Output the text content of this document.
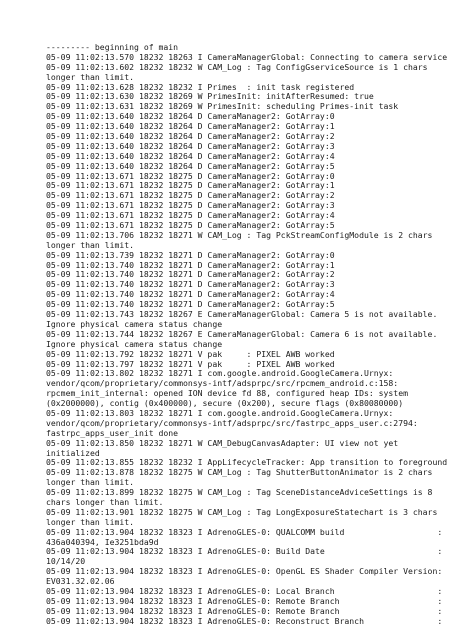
--------- beginning of main
05-09 11:02:13.570 18232 18263 I CameraManagerGlobal: Connecting to camera service
05-09 11:02:13.602 18232 18232 W CAM_Log : Tag ConfigGserviceSource is 1 chars
longer than limit.
05-09 11:02:13.628 18232 18232 I Primes  : init task registered
05-09 11:02:13.630 18232 18269 W PrimesInit: initAfterResumed: true
05-09 11:02:13.631 18232 18269 W PrimesInit: scheduling Primes-init task
05-09 11:02:13.640 18232 18264 D CameraManager2: GotArray:0
05-09 11:02:13.640 18232 18264 D CameraManager2: GotArray:1
05-09 11:02:13.640 18232 18264 D CameraManager2: GotArray:2
05-09 11:02:13.640 18232 18264 D CameraManager2: GotArray:3
05-09 11:02:13.640 18232 18264 D CameraManager2: GotArray:4
05-09 11:02:13.640 18232 18264 D CameraManager2: GotArray:5
05-09 11:02:13.671 18232 18275 D CameraManager2: GotArray:0
05-09 11:02:13.671 18232 18275 D CameraManager2: GotArray:1
05-09 11:02:13.671 18232 18275 D CameraManager2: GotArray:2
05-09 11:02:13.671 18232 18275 D CameraManager2: GotArray:3
05-09 11:02:13.671 18232 18275 D CameraManager2: GotArray:4
05-09 11:02:13.671 18232 18275 D CameraManager2: GotArray:5
05-09 11:02:13.706 18232 18271 W CAM_Log : Tag PckStreamConfigModule is 2 chars
longer than limit.
05-09 11:02:13.739 18232 18271 D CameraManager2: GotArray:0
05-09 11:02:13.740 18232 18271 D CameraManager2: GotArray:1
05-09 11:02:13.740 18232 18271 D CameraManager2: GotArray:2
05-09 11:02:13.740 18232 18271 D CameraManager2: GotArray:3
05-09 11:02:13.740 18232 18271 D CameraManager2: GotArray:4
05-09 11:02:13.740 18232 18271 D CameraManager2: GotArray:5
05-09 11:02:13.743 18232 18267 E CameraManagerGlobal: Camera 5 is not available.
Ignore physical camera status change
05-09 11:02:13.744 18232 18267 E CameraManagerGlobal: Camera 6 is not available.
Ignore physical camera status change
05-09 11:02:13.792 18232 18271 V pak     : PIXEL AWB worked
05-09 11:02:13.797 18232 18271 V pak     : PIXEL AWB worked
05-09 11:02:13.802 18232 18271 I com.google.android.GoogleCamera.Urnyx:
vendor/qcom/proprietary/commonsys-intf/adsprpc/src/rpcmem_android.c:158:
rpcmem_init_internal: opened ION device fd 88, configured heap IDs: system
(0x2000000), contig (0x400000), secure (0x200), secure flags (0x80080000)
05-09 11:02:13.803 18232 18271 I com.google.android.GoogleCamera.Urnyx:
vendor/qcom/proprietary/commonsys-intf/adsprpc/src/fastrpc_apps_user.c:2794:
fastrpc_apps_user_init done
05-09 11:02:13.850 18232 18271 W CAM_DebugCanvasAdapter: UI view not yet
initialized
05-09 11:02:13.855 18232 18232 I AppLifecycleTracker: App transition to foreground
05-09 11:02:13.878 18232 18275 W CAM_Log : Tag ShutterButtonAnimator is 2 chars
longer than limit.
05-09 11:02:13.899 18232 18275 W CAM_Log : Tag SceneDistanceAdviceSettings is 8
chars longer than limit.
05-09 11:02:13.901 18232 18275 W CAM_Log : Tag LongExposureStatechart is 3 chars
longer than limit.
05-09 11:02:13.904 18232 18323 I AdrenoGLES-0: QUALCOMM build                   :
436a040394, Ie3251bda9d
05-09 11:02:13.904 18232 18323 I AdrenoGLES-0: Build Date                       :
10/14/20
05-09 11:02:13.904 18232 18323 I AdrenoGLES-0: OpenGL ES Shader Compiler Version:
EV031.32.02.06
05-09 11:02:13.904 18232 18323 I AdrenoGLES-0: Local Branch                     :
05-09 11:02:13.904 18232 18323 I AdrenoGLES-0: Remote Branch                    :
05-09 11:02:13.904 18232 18323 I AdrenoGLES-0: Remote Branch                    :
05-09 11:02:13.904 18232 18323 I AdrenoGLES-0: Reconstruct Branch               :
